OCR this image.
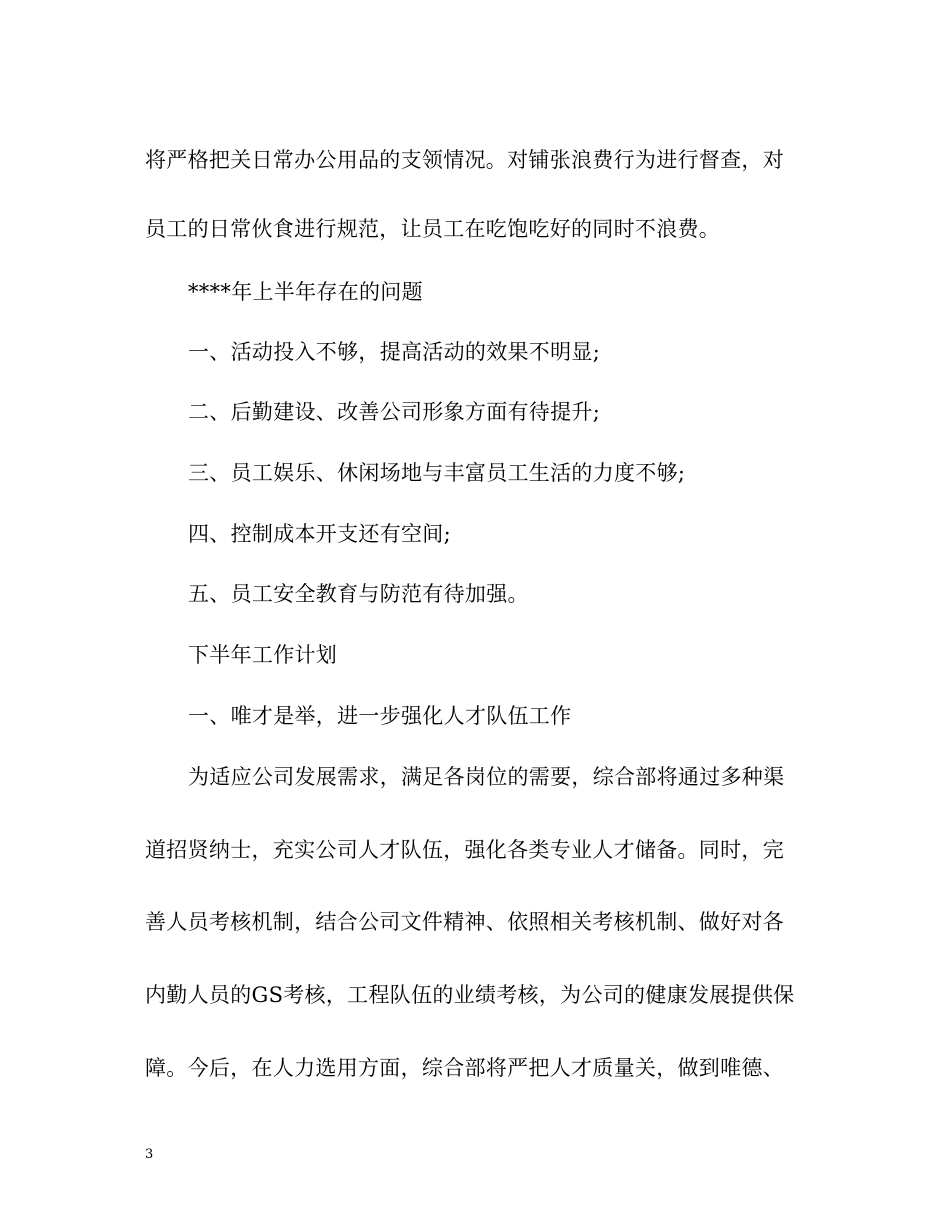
将严格把关日常办公用品的支领情况。对铺张浪费行为进行督查，对
员工的日常伙食进行规范，让员工在吃饱吃好的同时不浪费。
****年上半年存在的问题
一、活动投入不够，提高活动的效果不明显;
二、后勤建设、改善公司形象方面有待提升;
三、员工娱乐、休闲场地与丰富员工生活的力度不够;
四、控制成本开支还有空间;
五、员工安全教育与防范有待加强。
下半年工作计划
一、唯才是举，进一步强化人才队伍工作
为适应公司发展需求，满足各岗位的需要，综合部将通过多种渠
道招贤纳士，充实公司人才队伍，强化各类专业人才储备。同时，完
善人员考核机制，结合公司文件精神、依照相关考核机制、做好对各
内勤人员的GS考核，工程队伍的业绩考核，为公司的健康发展提供保
障。今后，在人力选用方面，综合部将严把人才质量关，做到唯德、
3
